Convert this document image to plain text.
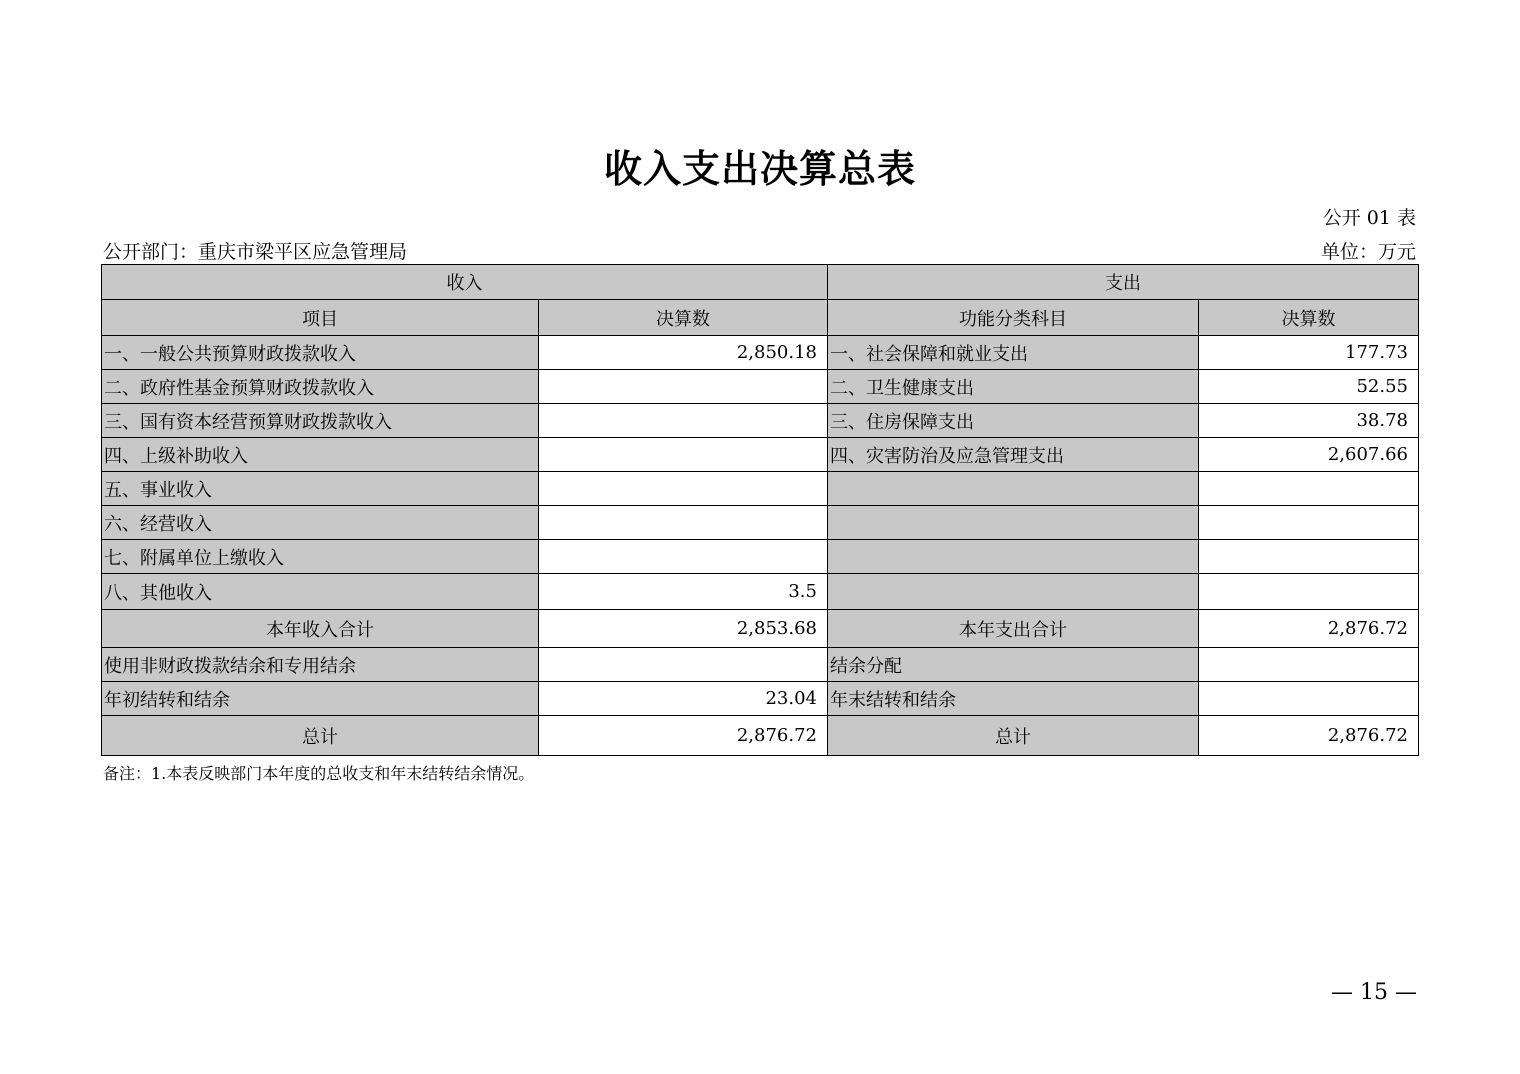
收入支出决算总表
公开 01 表
公开部门：重庆市梁平区应急管理局	单位：万元
收入		支出	
项目	决算数	功能分类科目	决算数
一、一般公共预算财政拨款收入	2,850.18	一、社会保障和就业支出	177.73
二、政府性基金预算财政拨款收入		二、卫生健康支出	52.55
三、国有资本经营预算财政拨款收入		三、住房保障支出	38.78
四、上级补助收入		四、灾害防治及应急管理支出	2,607.66
五、事业收入			
六、经营收入			
七、附属单位上缴收入			
八、其他收入	3.5		
本年收入合计	2,853.68	本年支出合计	2,876.72
使用非财政拨款结余和专用结余		结余分配	
年初结转和结余	23.04	年末结转和结余	
总计	2,876.72	总计	2,876.72
备注：1.本表反映部门本年度的总收支和年末结转结余情况。
— 15 —
